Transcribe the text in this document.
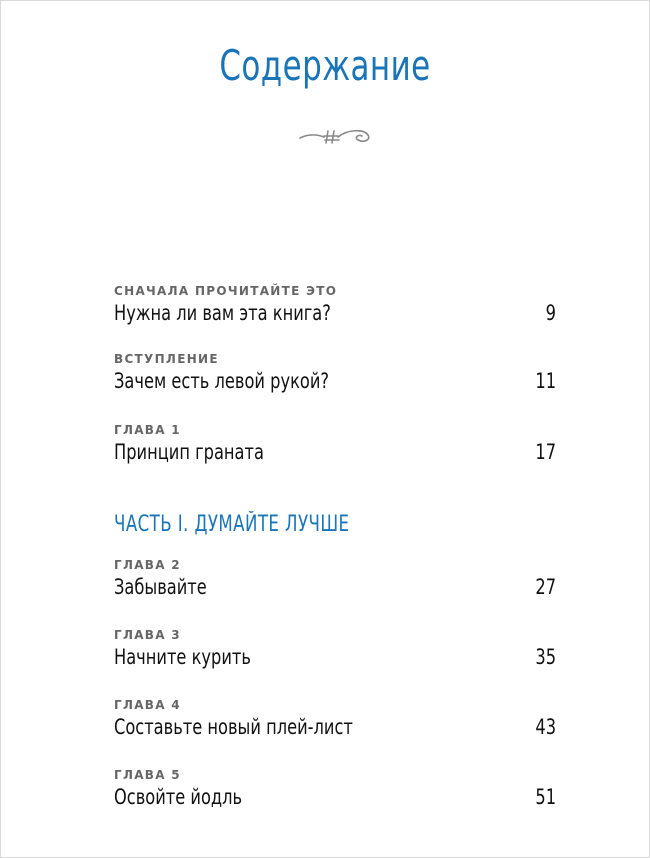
Содержание
СНАЧАЛА ПРОЧИТАЙТЕ ЭТО
Нужна ли вам эта книга?	9
ВСТУПЛЕНИЕ
Зачем есть левой рукой?	11
ГЛАВА 1
Принцип граната	17
ЧАСТЬ I. ДУМАЙТЕ ЛУЧШЕ
ГЛАВА 2
Забывайте	27
ГЛАВА 3
Начните курить	35
ГЛАВА 4
Составьте новый плей-лист	43
ГЛАВА 5
Освойте йодль	51
